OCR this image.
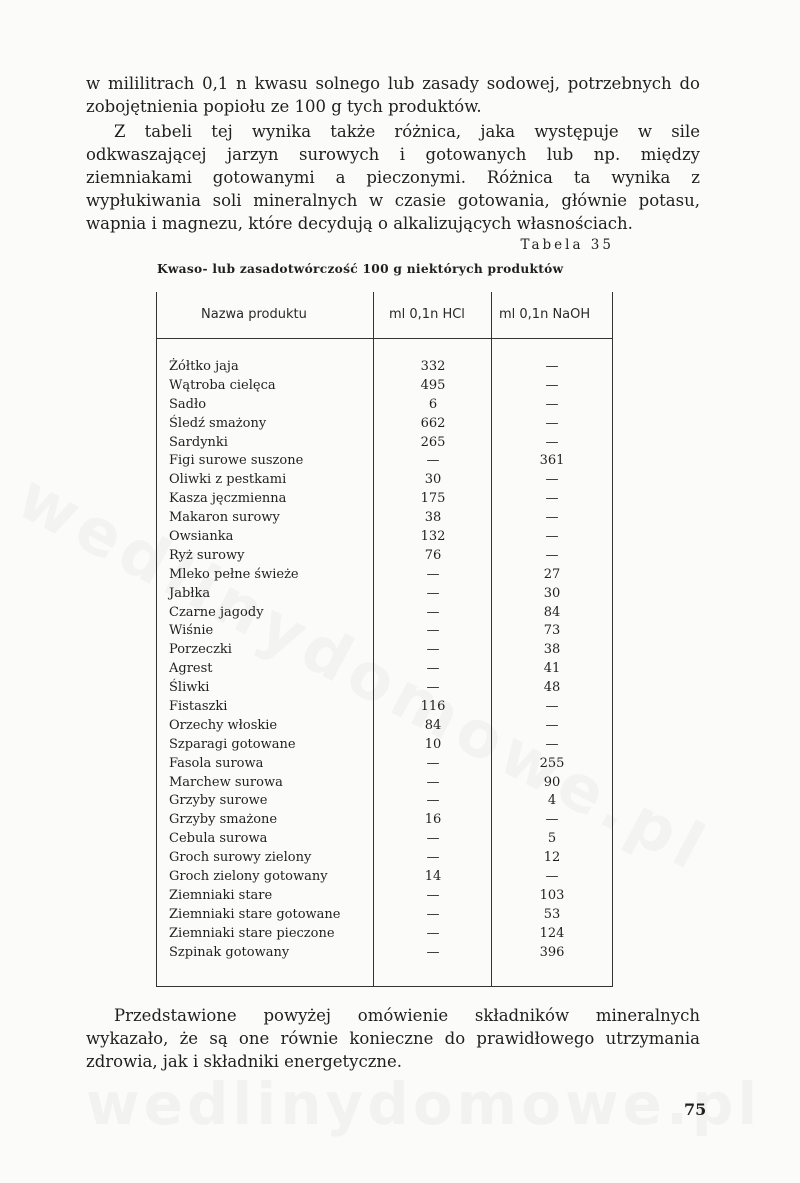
w mililitrach 0,1 n kwasu solnego lub zasady sodowej, potrzebnych do zobojętnienia popiołu ze 100 g tych produktów.

Z tabeli tej wynika także różnica, jaka występuje w sile odkwaszającej jarzyn surowych i gotowanych lub np. między ziemniakami gotowanymi a pieczonymi. Różnica ta wynika z wypłukiwania soli mineralnych w czasie gotowania, głównie potasu, wapnia i magnezu, które decydują o alkalizujących własnościach.

Tabela 35
Kwaso- lub zasadotwórczość 100 g niektórych produktów
Nazwa produktu	ml 0,1n HCl	ml 0,1n NaOH
Żółtko jaja	332	—
Wątroba cielęca	495	—
Sadło	6	—
Śledź smażony	662	—
Sardynki	265	—
Figi surowe suszone	—	361
Oliwki z pestkami	30	—
Kasza jęczmienna	175	—
Makaron surowy	38	—
Owsianka	132	—
Ryż surowy	76	—
Mleko pełne świeże	—	27
Jabłka	—	30
Czarne jagody	—	84
Wiśnie	—	73
Porzeczki	—	38
Agrest	—	41
Śliwki	—	48
Fistaszki	116	—
Orzechy włoskie	84	—
Szparagi gotowane	10	—
Fasola surowa	—	255
Marchew surowa	—	90
Grzyby surowe	—	4
Grzyby smażone	16	—
Cebula surowa	—	5
Groch surowy zielony	—	12
Groch zielony gotowany	14	—
Ziemniaki stare	—	103
Ziemniaki stare gotowane	—	53
Ziemniaki stare pieczone	—	124
Szpinak gotowany	—	396

Przedstawione powyżej omówienie składników mineralnych wykazało, że są one równie konieczne do prawidłowego utrzymania zdrowia, jak i składniki energetyczne.

75
